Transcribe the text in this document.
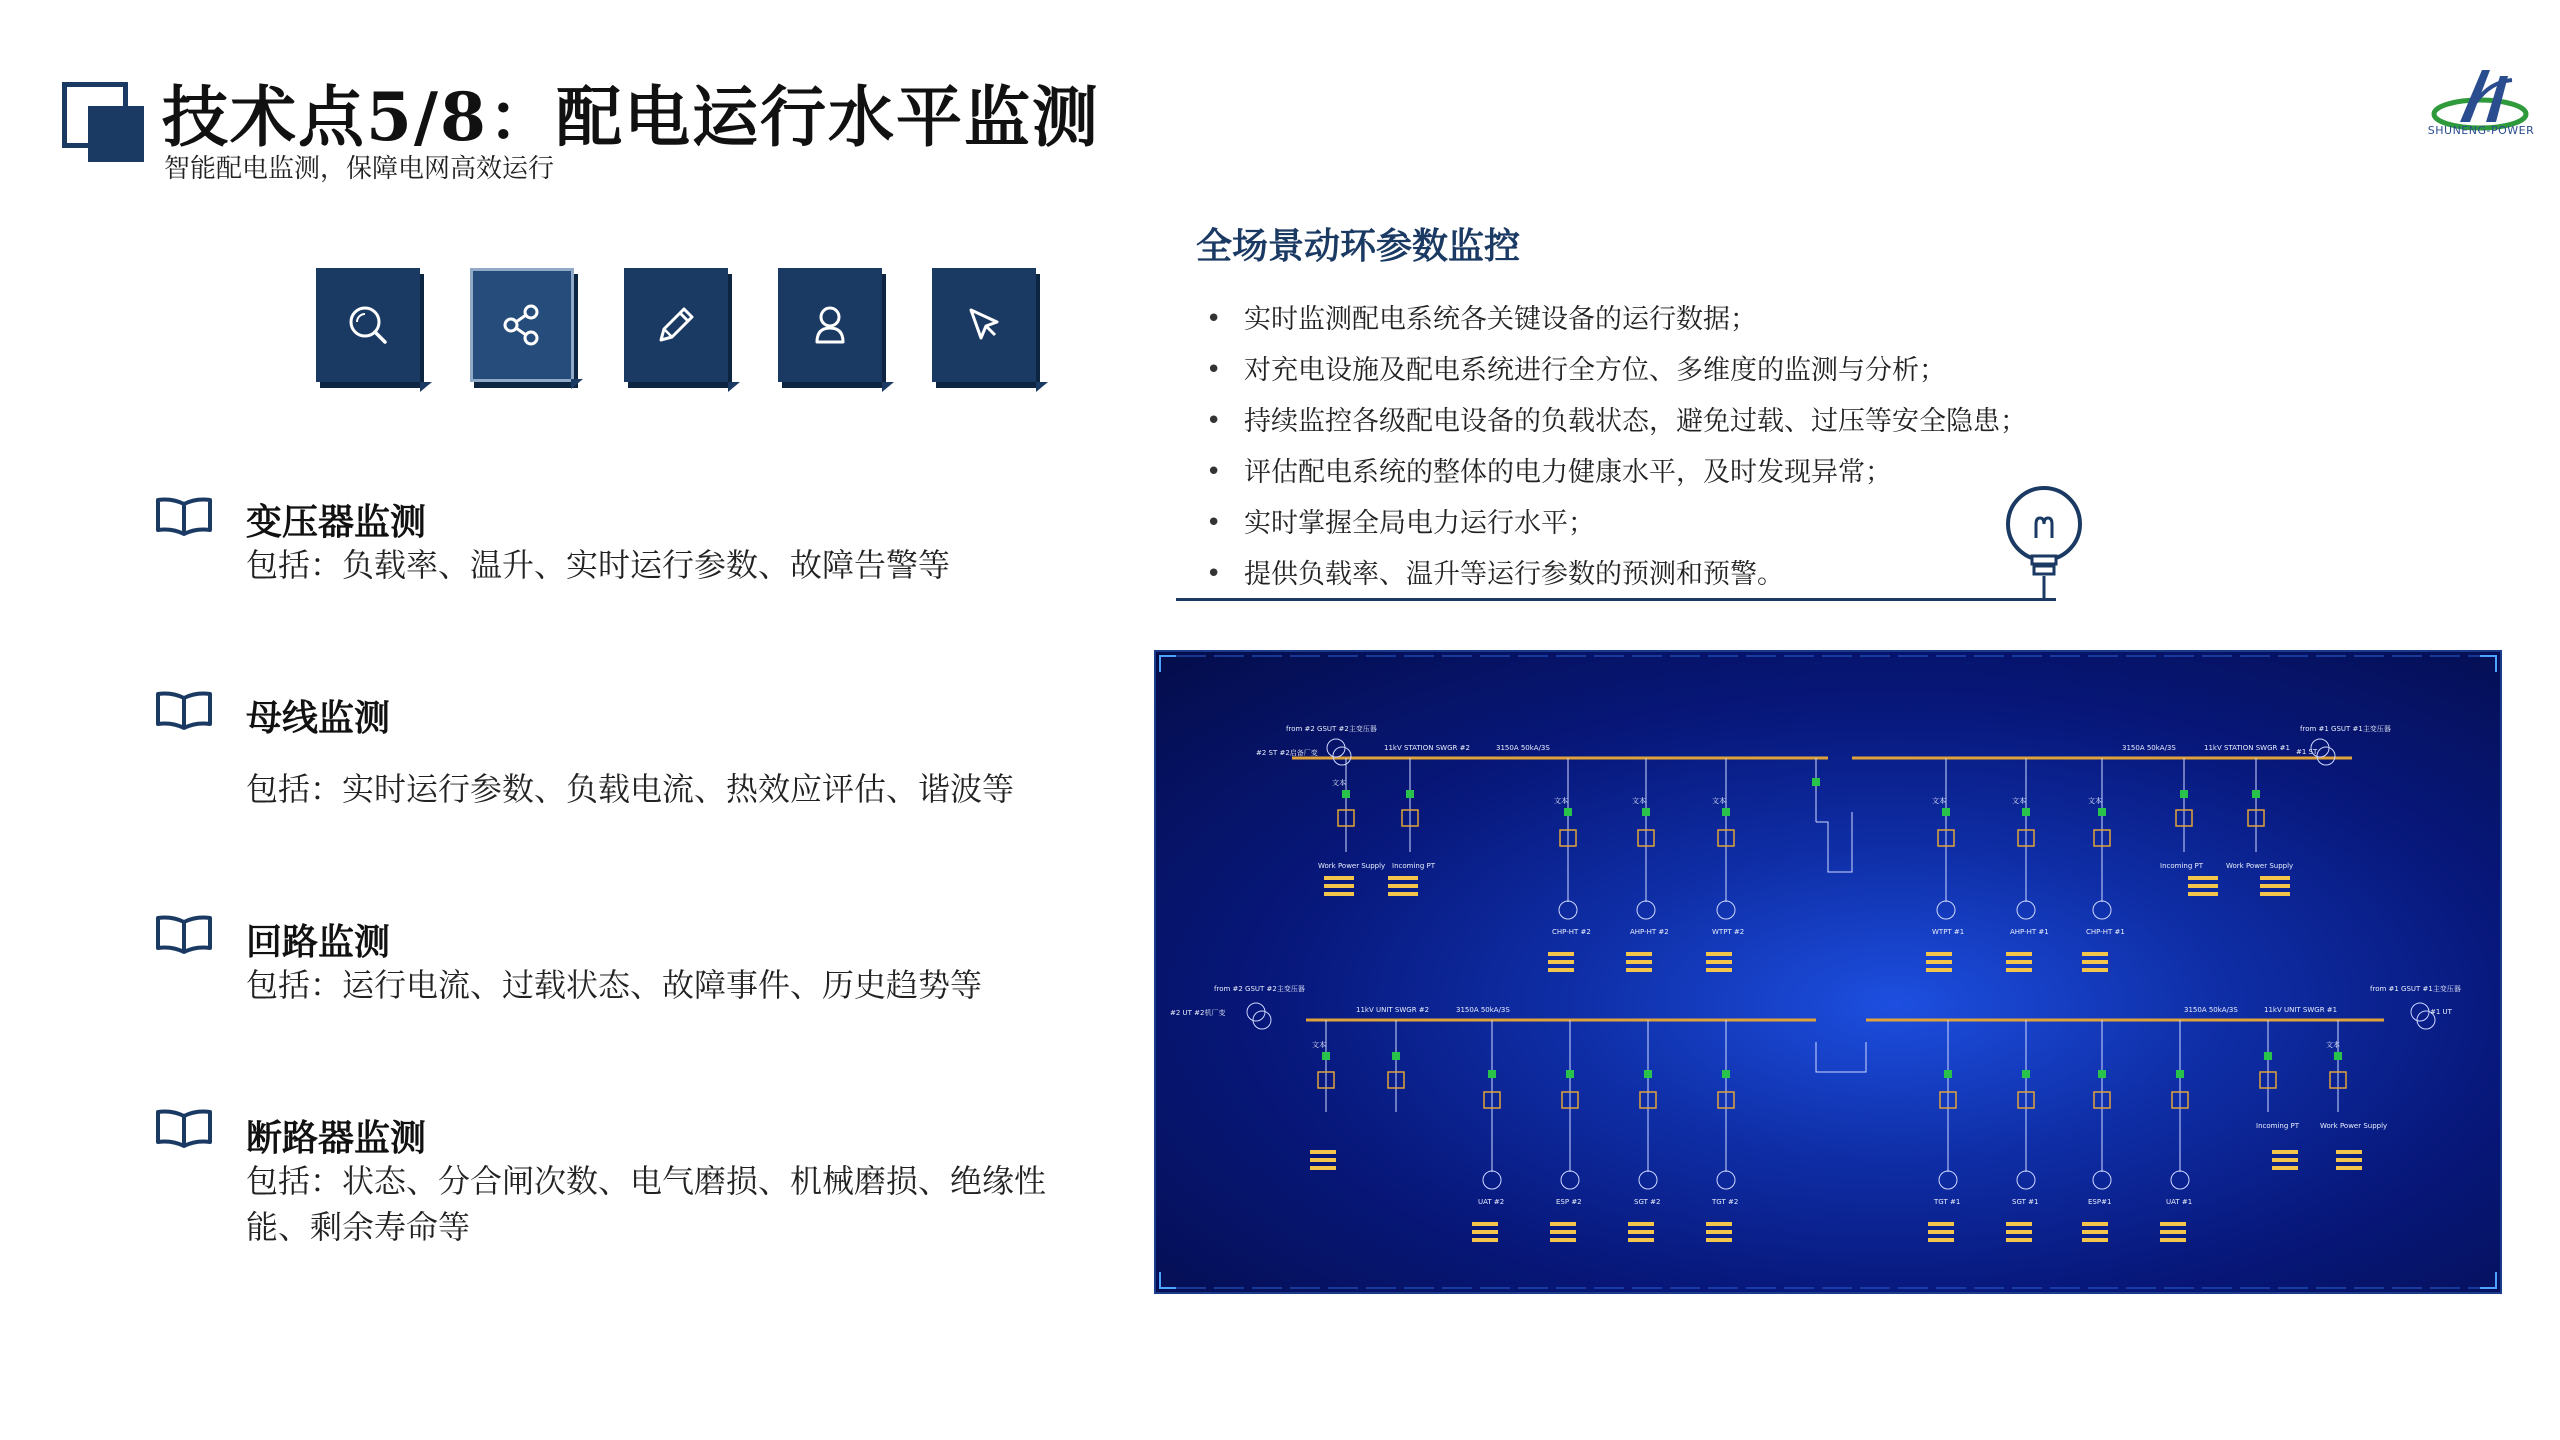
技术点5/8：配电运行水平监测
智能配电监测，保障电网高效运行
SHUNENG-POWER
变压器监测
包括：负载率、温升、实时运行参数、故障告警等
母线监测
包括：实时运行参数、负载电流、热效应评估、谐波等
回路监测
包括：运行电流、过载状态、故障事件、历史趋势等
断路器监测
包括：状态、分合闸次数、电气磨损、机械磨损、绝缘性能、剩余寿命等
全场景动环参数监控
• 实时监测配电系统各关键设备的运行数据；
• 对充电设施及配电系统进行全方位、多维度的监测与分析；
• 持续监控各级配电设备的负载状态，避免过载、过压等安全隐患；
• 评估配电系统的整体的电力健康水平，及时发现异常；
• 实时掌握全局电力运行水平；
• 提供负载率、温升等运行参数的预测和预警。
from #2 GSUT #2主变压器
#2 ST #2启备厂变
11kV STATION SWGR #2	3150A 50kA/3S	3150A 50kA/3S	11kV STATION SWGR #1
from #1 GSUT #1主变压器
#1 ST
Work Power Supply Incoming PT	Incoming PT	Work Power Supply
CHP-HT #2	AHP-HT #2	WTPT #2	WTPT #1	AHP-HT #1	CHP-HT #1
from #2 GSUT #2主变压器
#2 UT #2机厂变	11kV UNIT SWGR #2	3150A 50kA/3S	3150A 50kA/3S	11kV UNIT SWGR #1
from #1 GSUT #1主变压器
#1 UT
UAT #2	ESP #2	SGT #2	TGT #2	TGT #1	SGT #1	ESP#1	UAT #1
Incoming PT	Work Power Supply
文本
文本	文本	文本	文本	文本	文本
文本	文本
